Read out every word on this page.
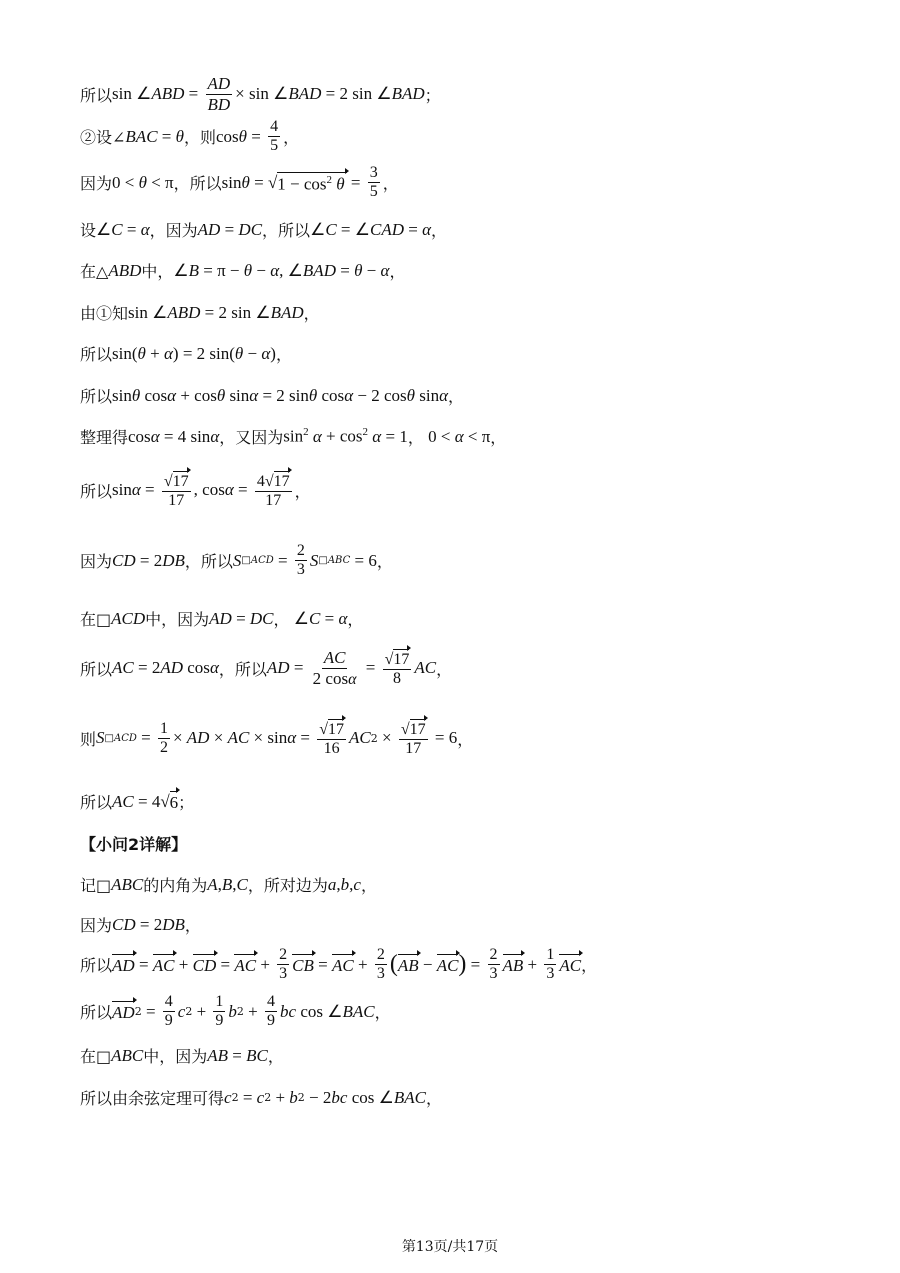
所以 sin ∠ ABD = $\frac{AD}{BD} \times \sin$ ∠ BAD = 2 sin ∠ BAD ；
②设∠ BAC = θ ，则 $\cos \theta = \frac{4}{5}$ ，
因为 0 < θ < π ，所以 sin θ = √ $1 - \cos^2 \theta = \frac{3}{5}$ ，
设 ∠ C = α ，因为 AD = DC ，所以 ∠ C = ∠ CAD = α ，
在△ ABD 中， ∠ B = π − θ − α , ∠ BAD = θ − α ，
由①知 sin ∠ ABD = 2 sin ∠ BAD ，
所以 sin( θ + α ) = 2 sin( θ − α ) ，
所以 sin θ cos α + cos θ sin α = 2 sin θ cos α − 2 cos θ sin α ，
整理得 cos α = 4 sin α ，又因为 $\sin^2 \alpha + \cos^2 \alpha = 1$ ， 0 < α < π ，
所以 $\sin \alpha = \frac{√17}{17}$ , $\cos \alpha = \frac{4√17}{17}$ ，
因为 CD = 2 DB ，所以 S □ACD = $\frac{2}{3}$ S □ABC = 6 ，
在□ ACD 中，因为 AD = DC ， ∠ C = α ，
所以 AC = 2 AD cos α ，所以 AD = $\frac{AC}{2 \cos\alpha} = \frac{√17}{8}$ AC ，
则 S □ACD = $\frac{1}{2}$ × AD × AC × $\sin \alpha = \frac{√17}{16}$ AC $2 \times \frac{√17}{17} = 6$ ，
所以 AC = 4√ 6 ；
【小问2详解】
记□ ABC 的内角为 A , B , C ，所对边为 a , b , c ，
因为 CD = 2 DB ，
所以 AD = AC + CD = AC + $\frac{2}{3}$ CB = AC + $\frac{2}{3}$ ( AB − AC ) = $\frac{2}{3}$ AB + $\frac{1}{3}$ AC ，
所以 AD $2 = \frac{4}{9}$ c $2 + \frac{1}{9}$ b $2 + \frac{4}{9}$ bc cos ∠ BAC ，
在□ ABC 中，因为 AB = BC ，
所以由余弦定理可得 c 2 = c 2 + b 2 − 2 bc cos ∠ BAC ，
第13页/共17页
